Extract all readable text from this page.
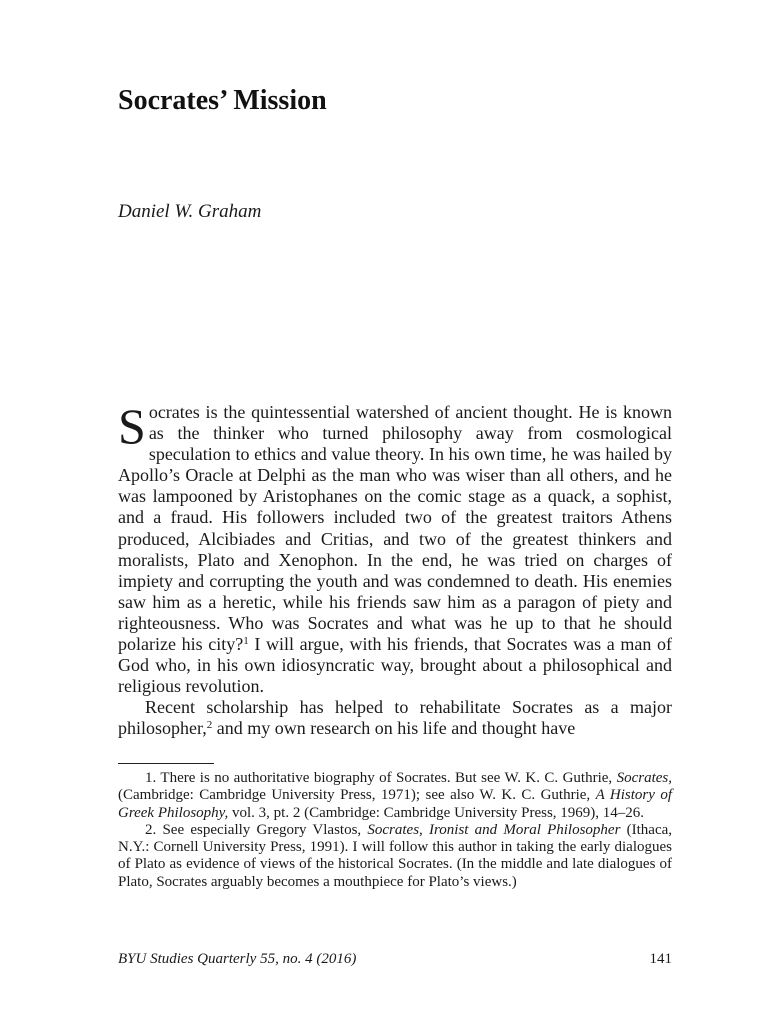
Socrates’ Mission
Daniel W. Graham

Socrates is the quintessential watershed of ancient thought. He is known as the thinker who turned philosophy away from cosmological speculation to ethics and value theory. In his own time, he was hailed by Apollo’s Oracle at Delphi as the man who was wiser than all others, and he was lampooned by Aristophanes on the comic stage as a quack, a sophist, and a fraud. His followers included two of the greatest traitors Athens produced, Alcibiades and Critias, and two of the greatest thinkers and moralists, Plato and Xenophon. In the end, he was tried on charges of impiety and corrupting the youth and was condemned to death. His enemies saw him as a heretic, while his friends saw him as a paragon of piety and righteousness. Who was Socrates and what was he up to that he should polarize his city?$^1$ I will argue, with his friends, that Socrates was a man of God who, in his own idiosyncratic way, brought about a philosophical and religious revolution.

Recent scholarship has helped to rehabilitate Socrates as a major philosopher,$^2$ and my own research on his life and thought have

1. There is no authoritative biography of Socrates. But see W. K. C. Guthrie, Socrates, (Cambridge: Cambridge University Press, 1971); see also W. K. C. Guthrie, A History of Greek Philosophy, vol. 3, pt. 2 (Cambridge: Cambridge University Press, 1969), 14–26.

2. See especially Gregory Vlastos, Socrates, Ironist and Moral Philosopher (Ithaca, N.Y.: Cornell University Press, 1991). I will follow this author in taking the early dialogues of Plato as evidence of views of the historical Socrates. (In the middle and late dialogues of Plato, Socrates arguably becomes a mouthpiece for Plato’s views.)

BYU Studies Quarterly 55, no. 4 (2016)	141
